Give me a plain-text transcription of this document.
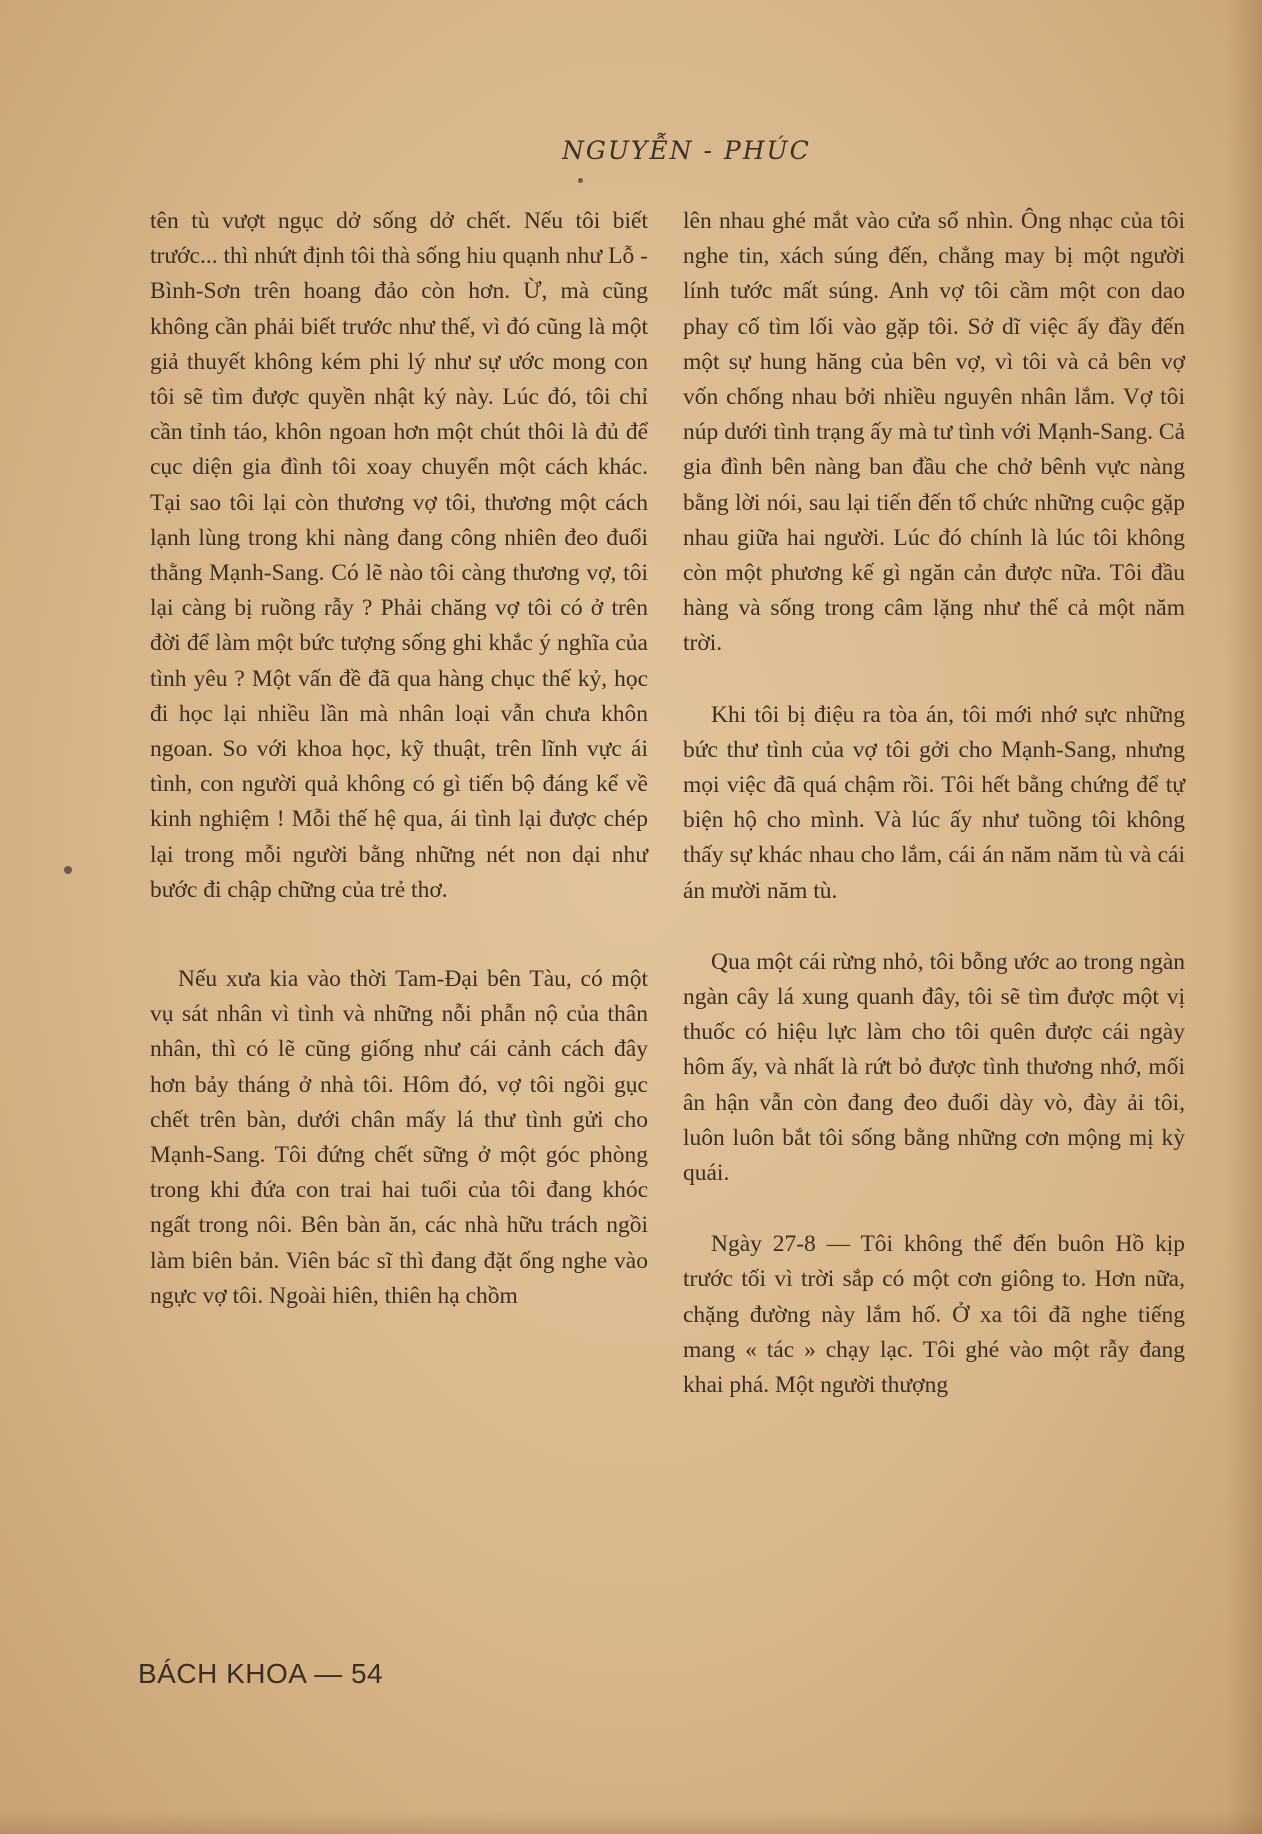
NGUYỄN - PHÚC

tên tù vượt ngục dở sống dở chết. Nếu tôi biết trước... thì nhứt định tôi thà sống hiu quạnh như Lỗ - Bình-Sơn trên hoang đảo còn hơn. Ừ, mà cũng không cần phải biết trước như thế, vì đó cũng là một giả thuyết không kém phi lý như sự ước mong con tôi sẽ tìm được quyền nhật ký này. Lúc đó, tôi chỉ cần tỉnh táo, khôn ngoan hơn một chút thôi là đủ để cục diện gia đình tôi xoay chuyển một cách khác. Tại sao tôi lại còn thương vợ tôi, thương một cách lạnh lùng trong khi nàng đang công nhiên đeo đuổi thằng Mạnh-Sang. Có lẽ nào tôi càng thương vợ, tôi lại càng bị ruồng rẫy ? Phải chăng vợ tôi có ở trên đời để làm một bức tượng sống ghi khắc ý nghĩa của tình yêu ? Một vấn đề đã qua hàng chục thế kỷ, học đi học lại nhiều lần mà nhân loại vẫn chưa khôn ngoan. So với khoa học, kỹ thuật, trên lĩnh vực ái tình, con người quả không có gì tiến bộ đáng kể về kinh nghiệm ! Mỗi thế hệ qua, ái tình lại được chép lại trong mỗi người bằng những nét non dại như bước đi chập chững của trẻ thơ.

Nếu xưa kia vào thời Tam-Đại bên Tàu, có một vụ sát nhân vì tình và những nỗi phẫn nộ của thân nhân, thì có lẽ cũng giống như cái cảnh cách đây hơn bảy tháng ở nhà tôi. Hôm đó, vợ tôi ngồi gục chết trên bàn, dưới chân mấy lá thư tình gửi cho Mạnh-Sang. Tôi đứng chết sững ở một góc phòng trong khi đứa con trai hai tuổi của tôi đang khóc ngất trong nôi. Bên bàn ăn, các nhà hữu trách ngồi làm biên bản. Viên bác sĩ thì đang đặt ống nghe vào ngực vợ tôi. Ngoài hiên, thiên hạ chồm

lên nhau ghé mắt vào cửa sổ nhìn. Ông nhạc của tôi nghe tin, xách súng đến, chẳng may bị một người lính tước mất súng. Anh vợ tôi cầm một con dao phay cố tìm lối vào gặp tôi. Sở dĩ việc ấy đầy đến một sự hung hăng của bên vợ, vì tôi và cả bên vợ vốn chống nhau bởi nhiều nguyên nhân lắm. Vợ tôi núp dưới tình trạng ấy mà tư tình với Mạnh-Sang. Cả gia đình bên nàng ban đầu che chở bênh vực nàng bằng lời nói, sau lại tiến đến tổ chức những cuộc gặp nhau giữa hai người. Lúc đó chính là lúc tôi không còn một phương kế gì ngăn cản được nữa. Tôi đầu hàng và sống trong câm lặng như thế cả một năm trời.

Khi tôi bị điệu ra tòa án, tôi mới nhớ sực những bức thư tình của vợ tôi gởi cho Mạnh-Sang, nhưng mọi việc đã quá chậm rồi. Tôi hết bằng chứng để tự biện hộ cho mình. Và lúc ấy như tuồng tôi không thấy sự khác nhau cho lắm, cái án năm năm tù và cái án mười năm tù.

Qua một cái rừng nhỏ, tôi bỗng ước ao trong ngàn ngàn cây lá xung quanh đây, tôi sẽ tìm được một vị thuốc có hiệu lực làm cho tôi quên được cái ngày hôm ấy, và nhất là rứt bỏ được tình thương nhớ, mối ân hận vẫn còn đang đeo đuổi dày vò, đày ải tôi, luôn luôn bắt tôi sống bằng những cơn mộng mị kỳ quái.

Ngày 27-8 — Tôi không thể đến buôn Hồ kịp trước tối vì trời sắp có một cơn giông to. Hơn nữa, chặng đường này lắm hố. Ở xa tôi đã nghe tiếng mang « tác » chạy lạc. Tôi ghé vào một rẫy đang khai phá. Một người thượng

BÁCH KHOA — 54
